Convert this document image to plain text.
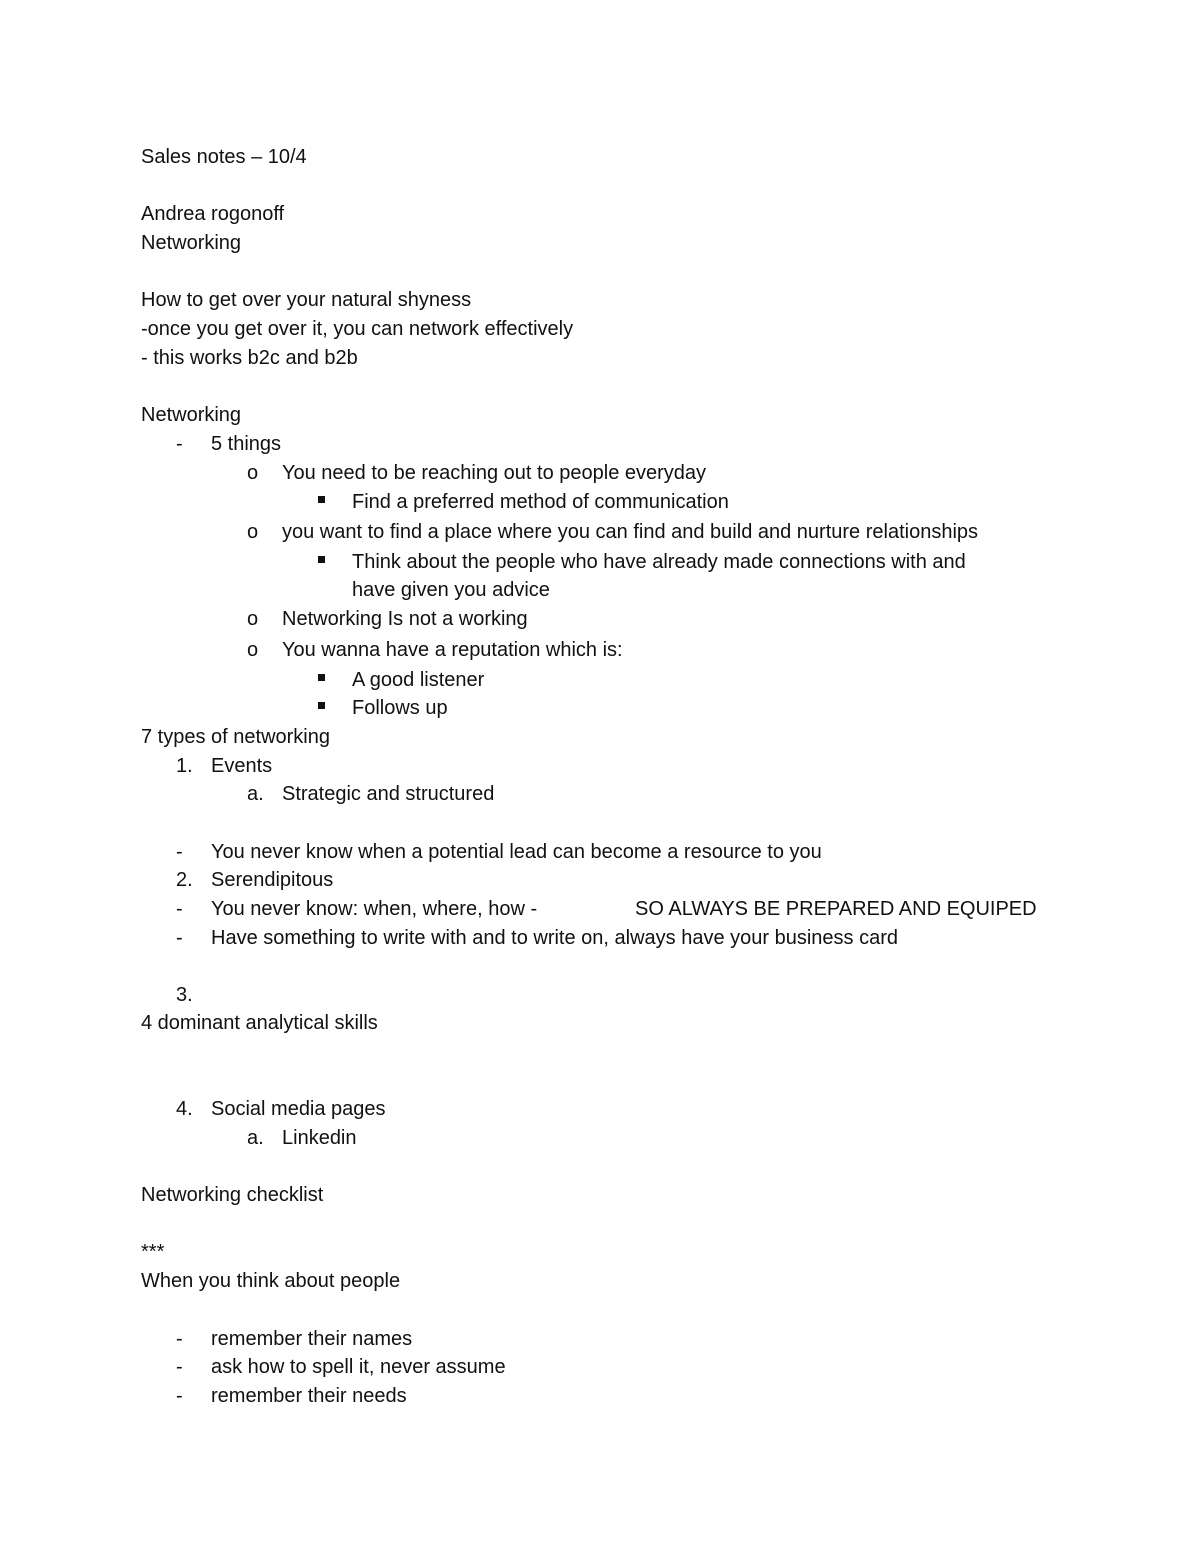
Sales notes – 10/4
Andrea rogonoff
Networking
How to get over your natural shyness
-once you get over it, you can network effectively
- this works b2c and b2b
Networking
- 5 things
o You need to be reaching out to people everyday
Find a preferred method of communication
o you want to find a place where you can find and build and nurture relationships
Think about the people who have already made connections with and
have given you advice
o Networking Is not a working
o You wanna have a reputation which is:
A good listener
Follows up
7 types of networking
1. Events
a. Strategic and structured
- You never know when a potential lead can become a resource to you
2. Serendipitous
- You never know: when, where, how -	SO ALWAYS BE PREPARED AND EQUIPED
- Have something to write with and to write on, always have your business card
3.
4 dominant analytical skills
4. Social media pages
a. Linkedin
Networking checklist
***
When you think about people
- remember their names
- ask how to spell it, never assume
- remember their needs
